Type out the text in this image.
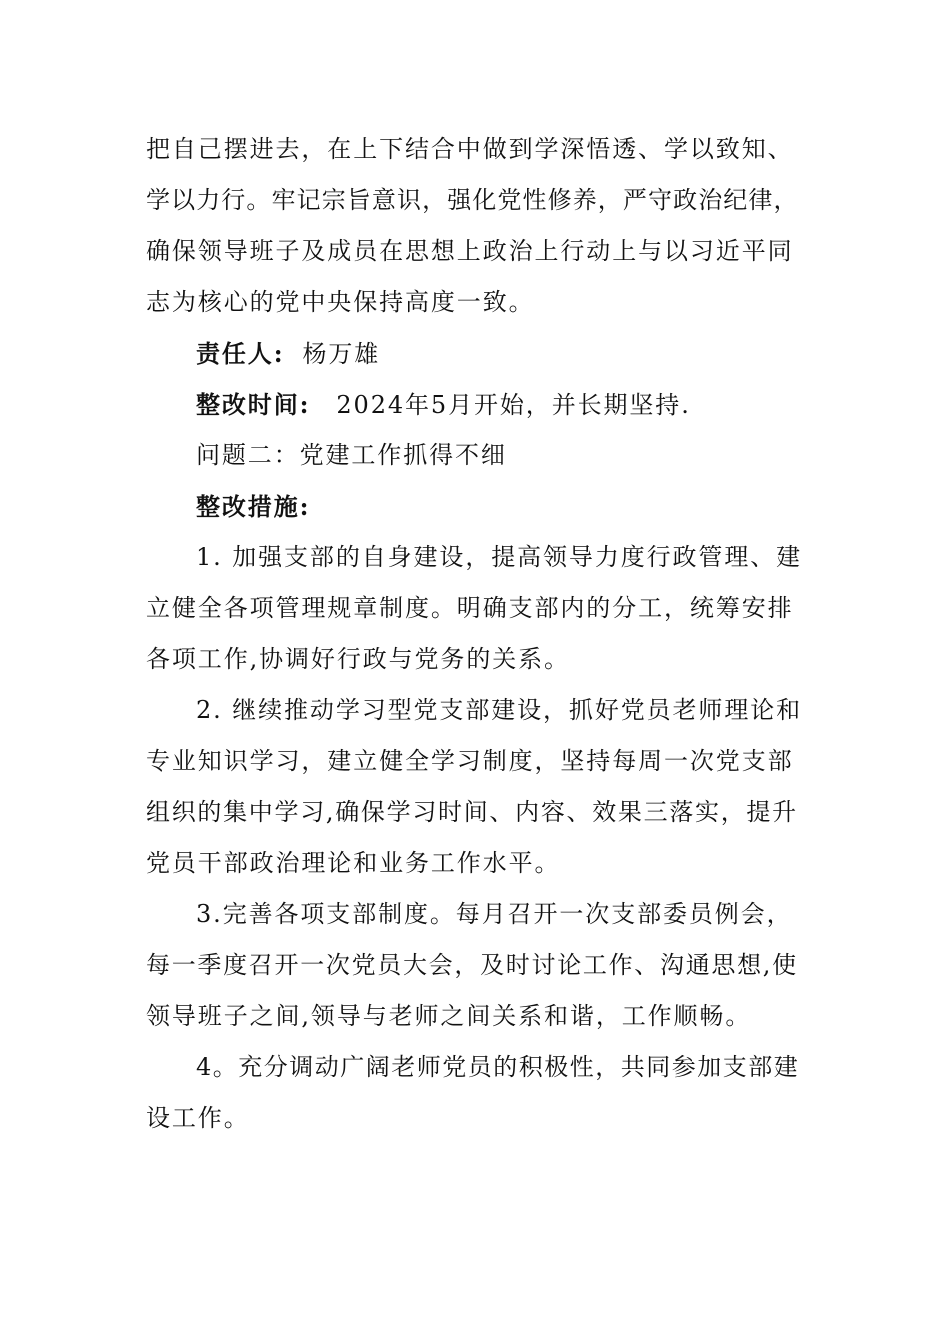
把自己摆进去，在上下结合中做到学深悟透、学以致知、
学以力行。牢记宗旨意识，强化党性修养，严守政治纪律，
确保领导班子及成员在思想上政治上行动上与以习近平同
志为核心的党中央保持高度一致。
责任人: 杨万雄
整改时间: 2024年5月开始，并长期坚持.
问题二：党建工作抓得不细
整改措施:
1. 加强支部的自身建设，提高领导力度行政管理、建
立健全各项管理规章制度。明确支部内的分工，统筹安排
各项工作,协调好行政与党务的关系。
2. 继续推动学习型党支部建设，抓好党员老师理论和
专业知识学习，建立健全学习制度，坚持每周一次党支部
组织的集中学习,确保学习时间、内容、效果三落实，提升
党员干部政治理论和业务工作水平。
3.完善各项支部制度。每月召开一次支部委员例会，
每一季度召开一次党员大会，及时讨论工作、沟通思想,使
领导班子之间,领导与老师之间关系和谐，工作顺畅。
4。充分调动广阔老师党员的积极性，共同参加支部建
设工作。
